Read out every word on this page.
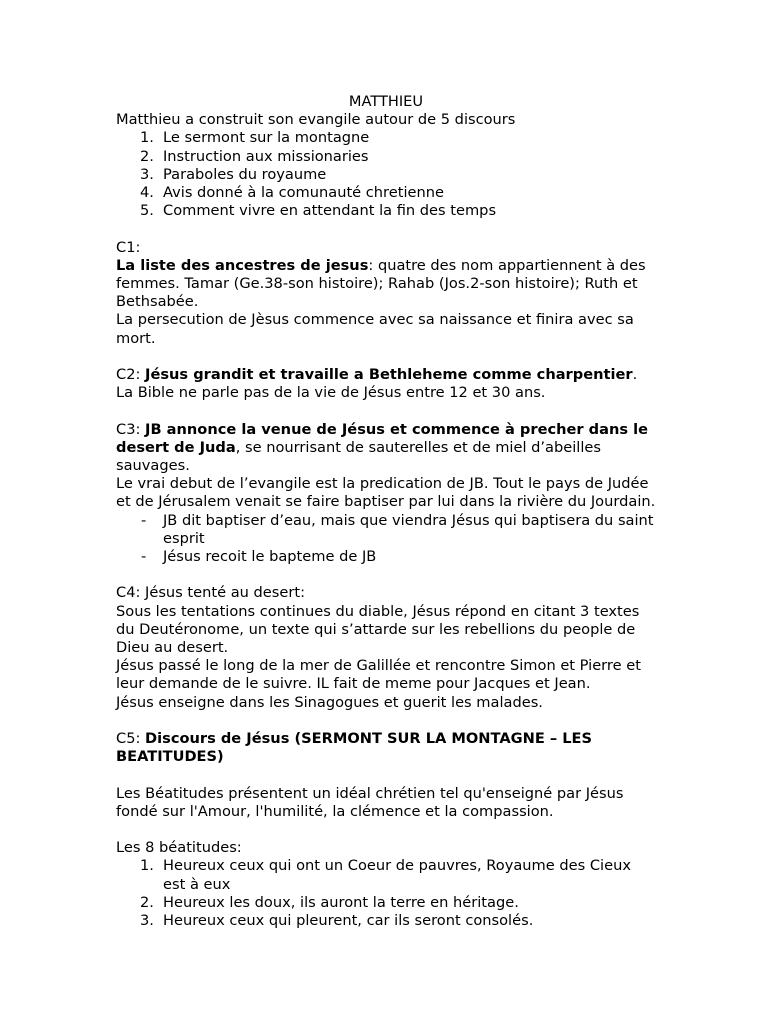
MATTHIEU

Matthieu a construit son evangile autour de 5 discours

1. Le sermont sur la montagne
2. Instruction aux missionaries
3. Paraboles du royaume
4. Avis donné à la comunauté chretienne
5. Comment vivre en attendant la fin des temps

C1:

La liste des ancestres de jesus: quatre des nom appartiennent à des femmes. Tamar (Ge.38-son histoire); Rahab (Jos.2-son histoire); Ruth et Bethsabée.

La persecution de Jèsus commence avec sa naissance et finira avec sa mort.

C2: Jésus grandit et travaille a Bethleheme comme charpentier. La Bible ne parle pas de la vie de Jésus entre 12 et 30 ans.

C3: JB annonce la venue de Jésus et commence à precher dans le desert de Juda, se nourrisant de sauterelles et de miel d’abeilles sauvages.

Le vrai debut de l’evangile est la predication de JB. Tout le pays de Judée et de Jérusalem venait se faire baptiser par lui dans la rivière du Jourdain.

- JB dit baptiser d’eau, mais que viendra Jésus qui baptisera du saint esprit
- Jésus recoit le bapteme de JB

C4: Jésus tenté au desert:

Sous les tentations continues du diable, Jésus répond en citant 3 textes du Deutéronome, un texte qui s’attarde sur les rebellions du people de Dieu au desert.

Jésus passé le long de la mer de Galillée et rencontre Simon et Pierre et leur demande de le suivre. IL fait de meme pour Jacques et Jean.

Jésus enseigne dans les Sinagogues et guerit les malades.

C5: Discours de Jésus (SERMONT SUR LA MONTAGNE – LES BEATITUDES)

Les Béatitudes présentent un idéal chrétien tel qu'enseigné par Jésus fondé sur l'Amour, l'humilité, la clémence et la compassion.

Les 8 béatitudes:

1. Heureux ceux qui ont un Coeur de pauvres, Royaume des Cieux est à eux
2. Heureux les doux, ils auront la terre en héritage.
3. Heureux ceux qui pleurent, car ils seront consolés.
